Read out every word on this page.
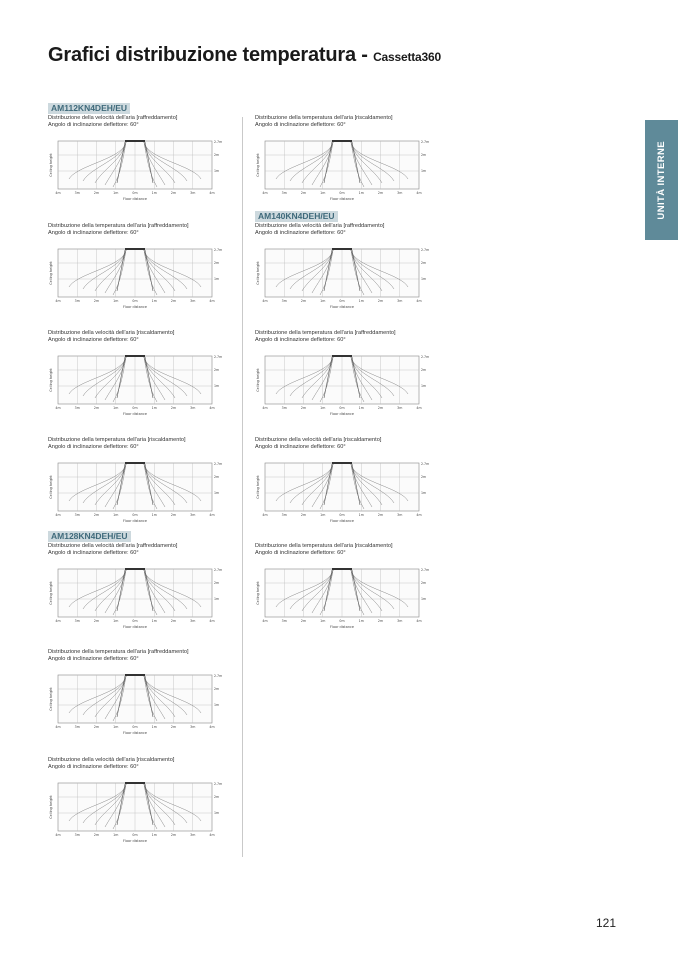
Grafici distribuzione temperatura - Cassetta360
UNITÀ INTERNE
AM112KN4DEH/EU
AM140KN4DEH/EU
AM128KN4DEH/EU
Distribuzione della velocità dell'aria [raffreddamento]
Angolo di inclinazione deflettore: 60°
2.7m
2m
1m
4m	3m	2m	1m	0m	1m	2m	3m	4m
Floor distance
Ceiling height
Distribuzione della temperatura dell'aria [raffreddamento]
Angolo di inclinazione deflettore: 60°
2.7m
2m
1m
4m	3m	2m	1m	0m	1m	2m	3m	4m
Floor distance
Ceiling height
Distribuzione della velocità dell'aria [riscaldamento]
Angolo di inclinazione deflettore: 60°
2.7m
2m
1m
4m	3m	2m	1m	0m	1m	2m	3m	4m
Floor distance
Ceiling height
Distribuzione della temperatura dell'aria [riscaldamento]
Angolo di inclinazione deflettore: 60°
2.7m
2m
1m
4m	3m	2m	1m	0m	1m	2m	3m	4m
Floor distance
Ceiling height
Distribuzione della velocità dell'aria [raffreddamento]
Angolo di inclinazione deflettore: 60°
2.7m
2m
1m
4m	3m	2m	1m	0m	1m	2m	3m	4m
Floor distance
Ceiling height
Distribuzione della temperatura dell'aria [raffreddamento]
Angolo di inclinazione deflettore: 60°
2.7m
2m
1m
4m	3m	2m	1m	0m	1m	2m	3m	4m
Floor distance
Ceiling height
Distribuzione della velocità dell'aria [riscaldamento]
Angolo di inclinazione deflettore: 60°
2.7m
2m
1m
4m	3m	2m	1m	0m	1m	2m	3m	4m
Floor distance
Ceiling height
Distribuzione della temperatura dell'aria [riscaldamento]
Angolo di inclinazione deflettore: 60°
2.7m
2m
1m
4m	3m	2m	1m	0m	1m	2m	3m	4m
Floor distance
Ceiling height
Distribuzione della velocità dell'aria [raffreddamento]
Angolo di inclinazione deflettore: 60°
2.7m
2m
1m
4m	3m	2m	1m	0m	1m	2m	3m	4m
Floor distance
Ceiling height
Distribuzione della temperatura dell'aria [raffreddamento]
Angolo di inclinazione deflettore: 60°
2.7m
2m
1m
4m	3m	2m	1m	0m	1m	2m	3m	4m
Floor distance
Ceiling height
Distribuzione della velocità dell'aria [riscaldamento]
Angolo di inclinazione deflettore: 60°
2.7m
2m
1m
4m	3m	2m	1m	0m	1m	2m	3m	4m
Floor distance
Ceiling height
Distribuzione della temperatura dell'aria [riscaldamento]
Angolo di inclinazione deflettore: 60°
2.7m
2m
1m
4m	3m	2m	1m	0m	1m	2m	3m	4m
Floor distance
Ceiling height
121
